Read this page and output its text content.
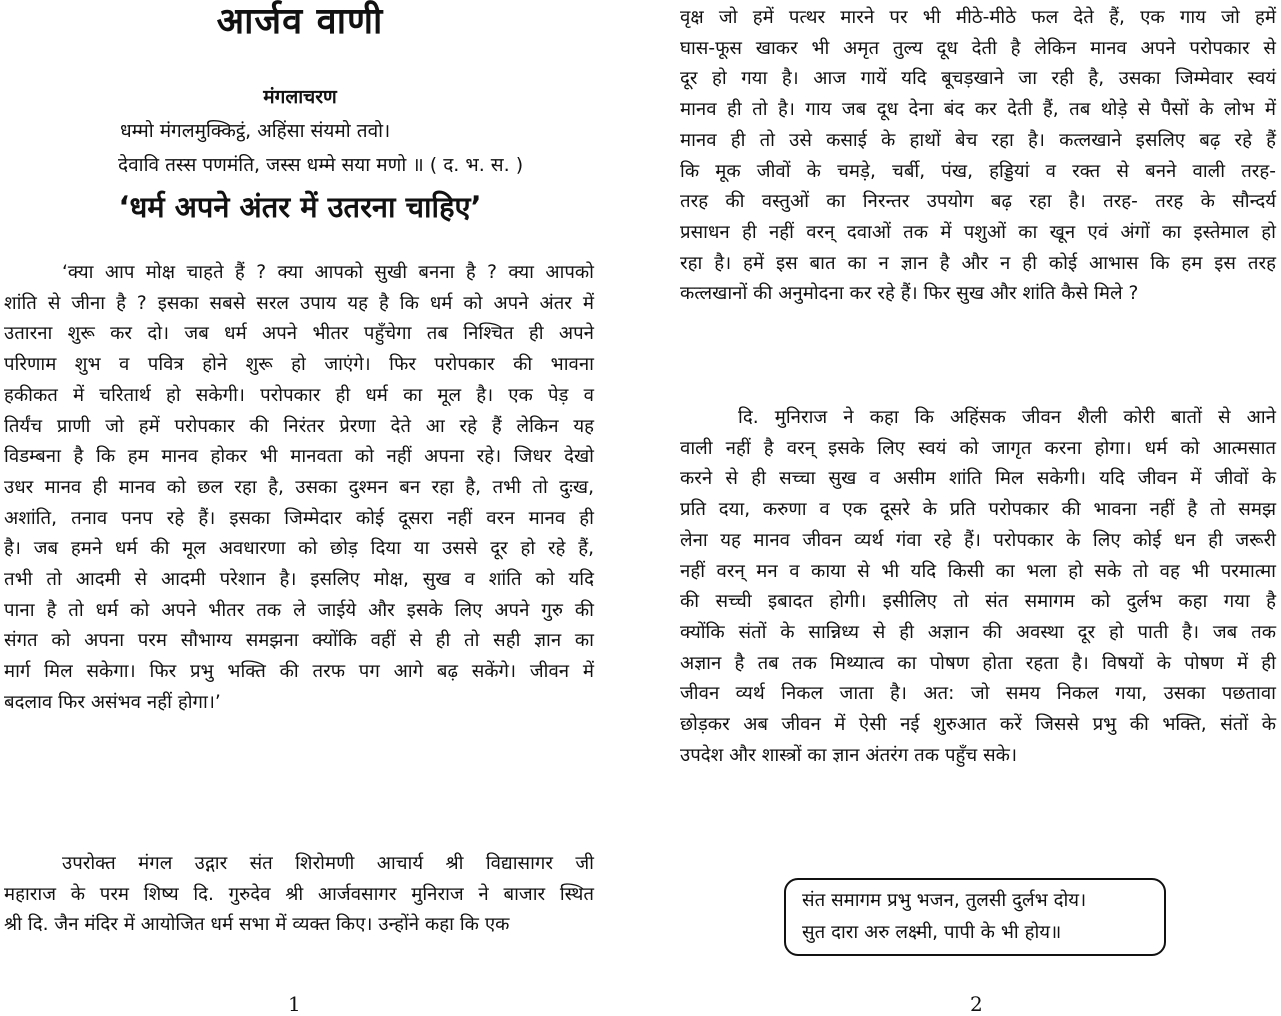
आर्जव वाणी
मंगलाचरण
धम्मो मंगलमुक्किट्ठं, अहिंसा संयमो तवो।
देवावि तस्स पणमंति, जस्स धम्मे सया मणो ॥ ( द. भ. स. )
‘धर्म अपने अंतर में उतरना चाहिए’
‘क्या आप मोक्ष चाहते हैं ? क्या आपको सुखी बनना है ? क्या आपको
शांति से जीना है ? इसका सबसे सरल उपाय यह है कि धर्म को अपने अंतर में
उतारना शुरू कर दो। जब धर्म अपने भीतर पहुँचेगा तब निश्चित ही अपने
परिणाम शुभ व पवित्र होने शुरू हो जाएंगे। फिर परोपकार की भावना
हकीकत में चरितार्थ हो सकेगी। परोपकार ही धर्म का मूल है। एक पेड़ व
तिर्यंच प्राणी जो हमें परोपकार की निरंतर प्रेरणा देते आ रहे हैं लेकिन यह
विडम्बना है कि हम मानव होकर भी मानवता को नहीं अपना रहे। जिधर देखो
उधर मानव ही मानव को छल रहा है, उसका दुश्मन बन रहा है, तभी तो दुःख,
अशांति, तनाव पनप रहे हैं। इसका जिम्मेदार कोई दूसरा नहीं वरन मानव ही
है। जब हमने धर्म की मूल अवधारणा को छोड़ दिया या उससे दूर हो रहे हैं,
तभी तो आदमी से आदमी परेशान है। इसलिए मोक्ष, सुख व शांति को यदि
पाना है तो धर्म को अपने भीतर तक ले जाईये और इसके लिए अपने गुरु की
संगत को अपना परम सौभाग्य समझना क्योंकि वहीं से ही तो सही ज्ञान का
मार्ग मिल सकेगा। फिर प्रभु भक्ति की तरफ पग आगे बढ़ सकेंगे। जीवन में
बदलाव फिर असंभव नहीं होगा।’
उपरोक्त मंगल उद्गार संत शिरोमणी आचार्य श्री विद्यासागर जी
महाराज के परम शिष्य दि. गुरुदेव श्री आर्जवसागर मुनिराज ने बाजार स्थित
श्री दि. जैन मंदिर में आयोजित धर्म सभा में व्यक्त किए। उन्होंने कहा कि एक
1
वृक्ष जो हमें पत्थर मारने पर भी मीठे-मीठे फल देते हैं, एक गाय जो हमें
घास-फूस खाकर भी अमृत तुल्य दूध देती है लेकिन मानव अपने परोपकार से
दूर हो गया है। आज गायें यदि बूचड़खाने जा रही है, उसका जिम्मेवार स्वयं
मानव ही तो है। गाय जब दूध देना बंद कर देती हैं, तब थोड़े से पैसों के लोभ में
मानव ही तो उसे कसाई के हाथों बेच रहा है। कत्लखाने इसलिए बढ़ रहे हैं
कि मूक जीवों के चमड़े, चर्बी, पंख, हड्डियां व रक्त से बनने वाली तरह-
तरह की वस्तुओं का निरन्तर उपयोग बढ़ रहा है। तरह- तरह के सौन्दर्य
प्रसाधन ही नहीं वरन् दवाओं तक में पशुओं का खून एवं अंगों का इस्तेमाल हो
रहा है। हमें इस बात का न ज्ञान है और न ही कोई आभास कि हम इस तरह
कत्लखानों की अनुमोदना कर रहे हैं। फिर सुख और शांति कैसे मिले ?
दि. मुनिराज ने कहा कि अहिंसक जीवन शैली कोरी बातों से आने
वाली नहीं है वरन् इसके लिए स्वयं को जागृत करना होगा। धर्म को आत्मसात
करने से ही सच्चा सुख व असीम शांति मिल सकेगी। यदि जीवन में जीवों के
प्रति दया, करुणा व एक दूसरे के प्रति परोपकार की भावना नहीं है तो समझ
लेना यह मानव जीवन व्यर्थ गंवा रहे हैं। परोपकार के लिए कोई धन ही जरूरी
नहीं वरन् मन व काया से भी यदि किसी का भला हो सके तो वह भी परमात्मा
की सच्ची इबादत होगी। इसीलिए तो संत समागम को दुर्लभ कहा गया है
क्योंकि संतों के सान्निध्य से ही अज्ञान की अवस्था दूर हो पाती है। जब तक
अज्ञान है तब तक मिथ्यात्व का पोषण होता रहता है। विषयों के पोषण में ही
जीवन व्यर्थ निकल जाता है। अत: जो समय निकल गया, उसका पछतावा
छोड़कर अब जीवन में ऐसी नई शुरुआत करें जिससे प्रभु की भक्ति, संतों के
उपदेश और शास्त्रों का ज्ञान अंतरंग तक पहुँच सके।
संत समागम प्रभु भजन, तुलसी दुर्लभ दोय।
सुत दारा अरु लक्ष्मी, पापी के भी होय॥
2
